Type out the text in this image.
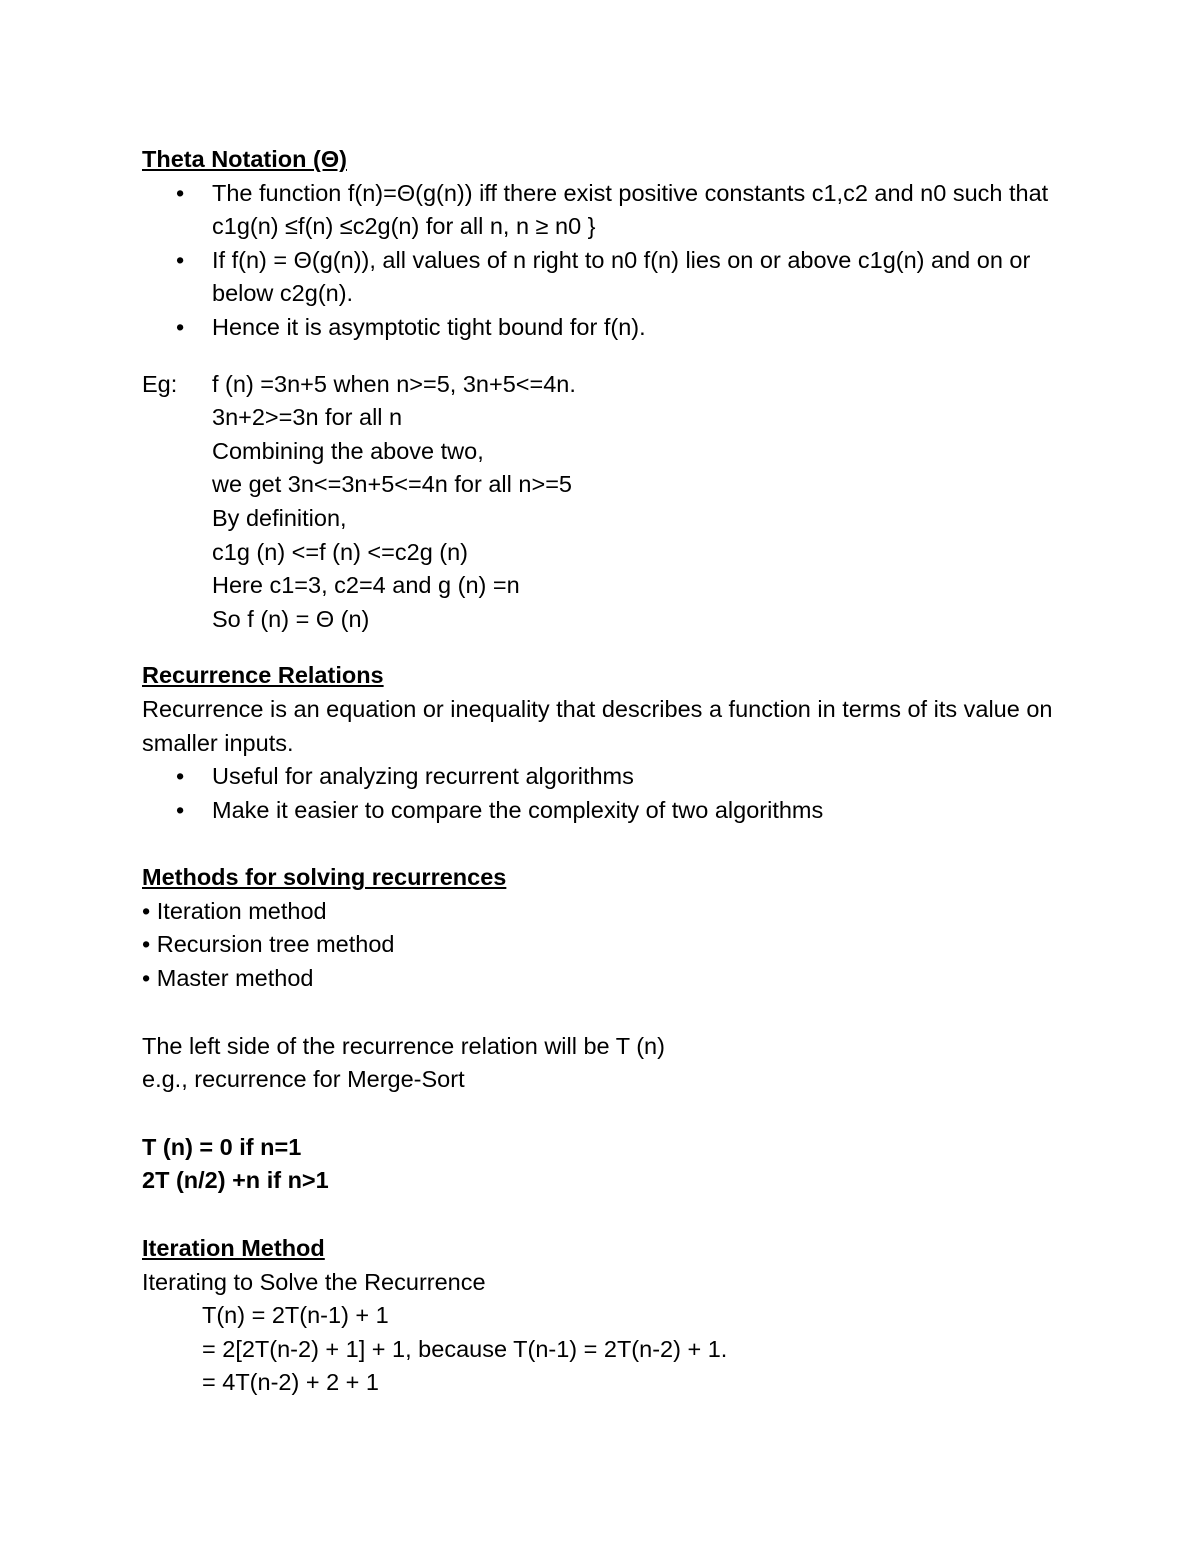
Theta Notation (Θ)

• The function f(n)=Θ(g(n)) iff there exist positive constants c1,c2 and n0 such that c1g(n) ≤f(n) ≤c2g(n) for all n, n ≥ n0 }
• If f(n) = Θ(g(n)), all values of n right to n0 f(n) lies on or above c1g(n) and on or below c2g(n).
• Hence it is asymptotic tight bound for f(n).
Eg:	f (n) =3n+5 when n>=5, 3n+5<=4n.

3n+2>=3n for all n

Combining the above two,

we get 3n<=3n+5<=4n for all n>=5

By definition,

c1g (n) <=f (n) <=c2g (n)

Here c1=3, c2=4 and g (n) =n

So f (n) = Θ (n)

Recurrence Relations

Recurrence is an equation or inequality that describes a function in terms of its value on smaller inputs.

• Useful for analyzing recurrent algorithms
• Make it easier to compare the complexity of two algorithms

Methods for solving recurrences

• Iteration method

• Recursion tree method

• Master method

The left side of the recurrence relation will be T (n)

e.g., recurrence for Merge-Sort

T (n) = 0 if n=1

2T (n/2) +n if n>1

Iteration Method

Iterating to Solve the Recurrence

T(n) = 2T(n-1) + 1

= 2[2T(n-2) + 1] + 1, because T(n-1) = 2T(n-2) + 1.

= 4T(n-2) + 2 + 1
